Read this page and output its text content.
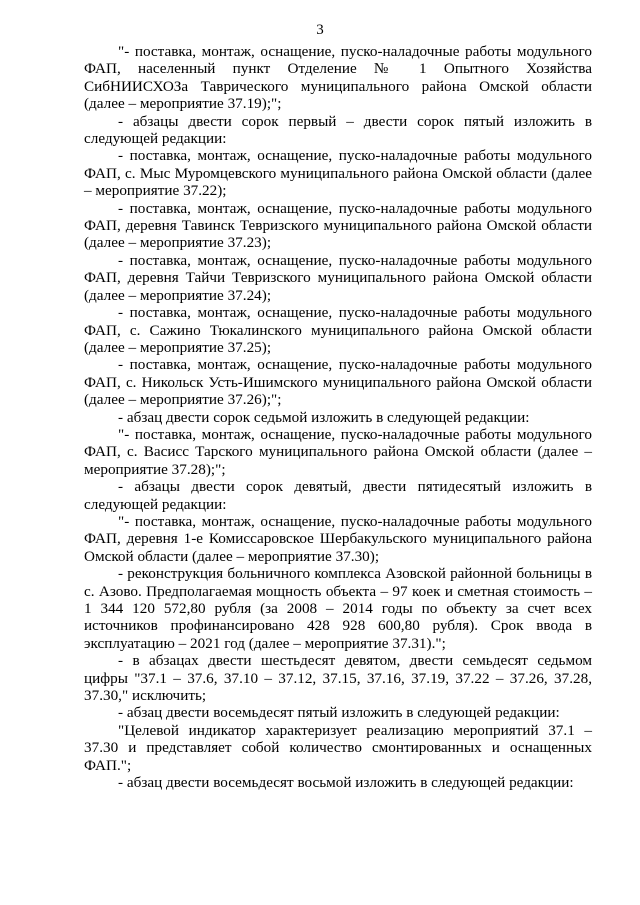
3

"- поставка, монтаж, оснащение, пуско-наладочные работы модульного ФАП, населенный пункт Отделение № 1 Опытного Хозяйства СибНИИСХОЗа Таврического муниципального района Омской области (далее – мероприятие 37.19);";

- абзацы двести сорок первый – двести сорок пятый изложить в следующей редакции:

- поставка, монтаж, оснащение, пуско-наладочные работы модульного ФАП, с. Мыс Муромцевского муниципального района Омской области (далее – мероприятие 37.22);

- поставка, монтаж, оснащение, пуско-наладочные работы модульного ФАП, деревня Тавинск Тевризского муниципального района Омской области (далее – мероприятие 37.23);

- поставка, монтаж, оснащение, пуско-наладочные работы модульного ФАП, деревня Тайчи Тевризского муниципального района Омской области (далее – мероприятие 37.24);

- поставка, монтаж, оснащение, пуско-наладочные работы модульного ФАП, с. Сажино Тюкалинского муниципального района Омской области (далее – мероприятие 37.25);

- поставка, монтаж, оснащение, пуско-наладочные работы модульного ФАП, с. Никольск Усть-Ишимского муниципального района Омской области (далее – мероприятие 37.26);";

- абзац двести сорок седьмой изложить в следующей редакции:

"- поставка, монтаж, оснащение, пуско-наладочные работы модульного ФАП, с. Васисс Тарского муниципального района Омской области (далее – мероприятие 37.28);";

- абзацы двести сорок девятый, двести пятидесятый изложить в следующей редакции:

"- поставка, монтаж, оснащение, пуско-наладочные работы модульного ФАП, деревня 1-е Комиссаровское Шербакульского муниципального района Омской области (далее – мероприятие 37.30);

- реконструкция больничного комплекса Азовской районной больницы в с. Азово. Предполагаемая мощность объекта – 97 коек и сметная стоимость – 1 344 120 572,80 рубля (за 2008 – 2014 годы по объекту за счет всех источников профинансировано 428 928 600,80 рубля). Срок ввода в эксплуатацию – 2021 год (далее – мероприятие 37.31).";

- в абзацах двести шестьдесят девятом, двести семьдесят седьмом цифры "37.1 – 37.6, 37.10 – 37.12, 37.15, 37.16, 37.19, 37.22 – 37.26, 37.28, 37.30," исключить;

- абзац двести восемьдесят пятый изложить в следующей редакции:

"Целевой индикатор характеризует реализацию мероприятий 37.1 – 37.30 и представляет собой количество смонтированных и оснащенных ФАП.";

- абзац двести восемьдесят восьмой изложить в следующей редакции:
